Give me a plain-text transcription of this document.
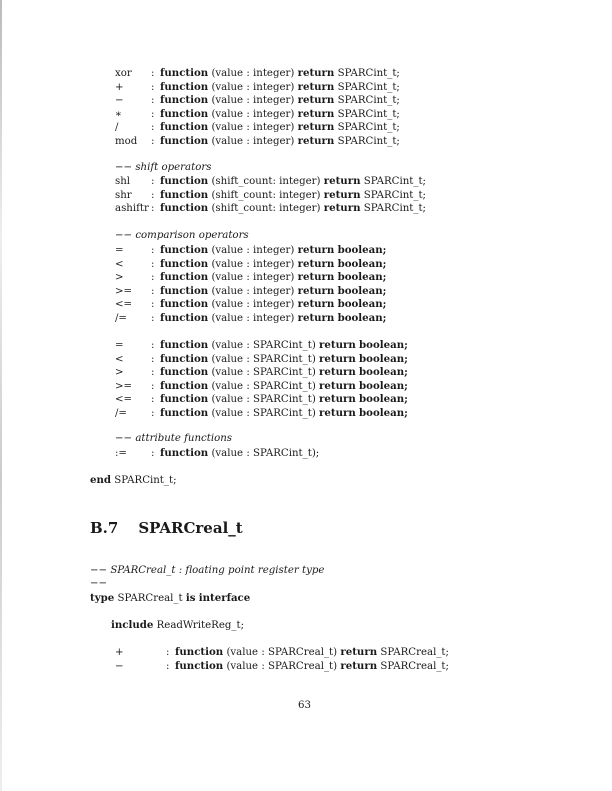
xor : function (value : integer) return SPARCint_t;
+	: function (value : integer) return SPARCint_t;
−	: function (value : integer) return SPARCint_t;
∗	: function (value : integer) return SPARCint_t;
/	: function (value : integer) return SPARCint_t;
mod : function (value : integer) return SPARCint_t;
−− shift operators
shl : function (shift_count: integer) return SPARCint_t;
shr : function (shift_count: integer) return SPARCint_t;
ashiftr : function (shift_count: integer) return SPARCint_t;
−− comparison operators
=	: function (value : integer) return boolean;
<	: function (value : integer) return boolean;
>	: function (value : integer) return boolean;
>= : function (value : integer) return boolean;
<= : function (value : integer) return boolean;
/= : function (value : integer) return boolean;
=	: function (value : SPARCint_t) return boolean;
<	: function (value : SPARCint_t) return boolean;
>	: function (value : SPARCint_t) return boolean;
>= : function (value : SPARCint_t) return boolean;
<= : function (value : SPARCint_t) return boolean;
/= : function (value : SPARCint_t) return boolean;
−− attribute functions
:= : function (value : SPARCint_t);
end SPARCint_t;
B.7 SPARCreal_t
−− SPARCreal_t : floating point register type
−−
type SPARCreal_t is interface
include ReadWriteReg_t;
+	: function (value : SPARCreal_t) return SPARCreal_t;
−	: function (value : SPARCreal_t) return SPARCreal_t;
63
